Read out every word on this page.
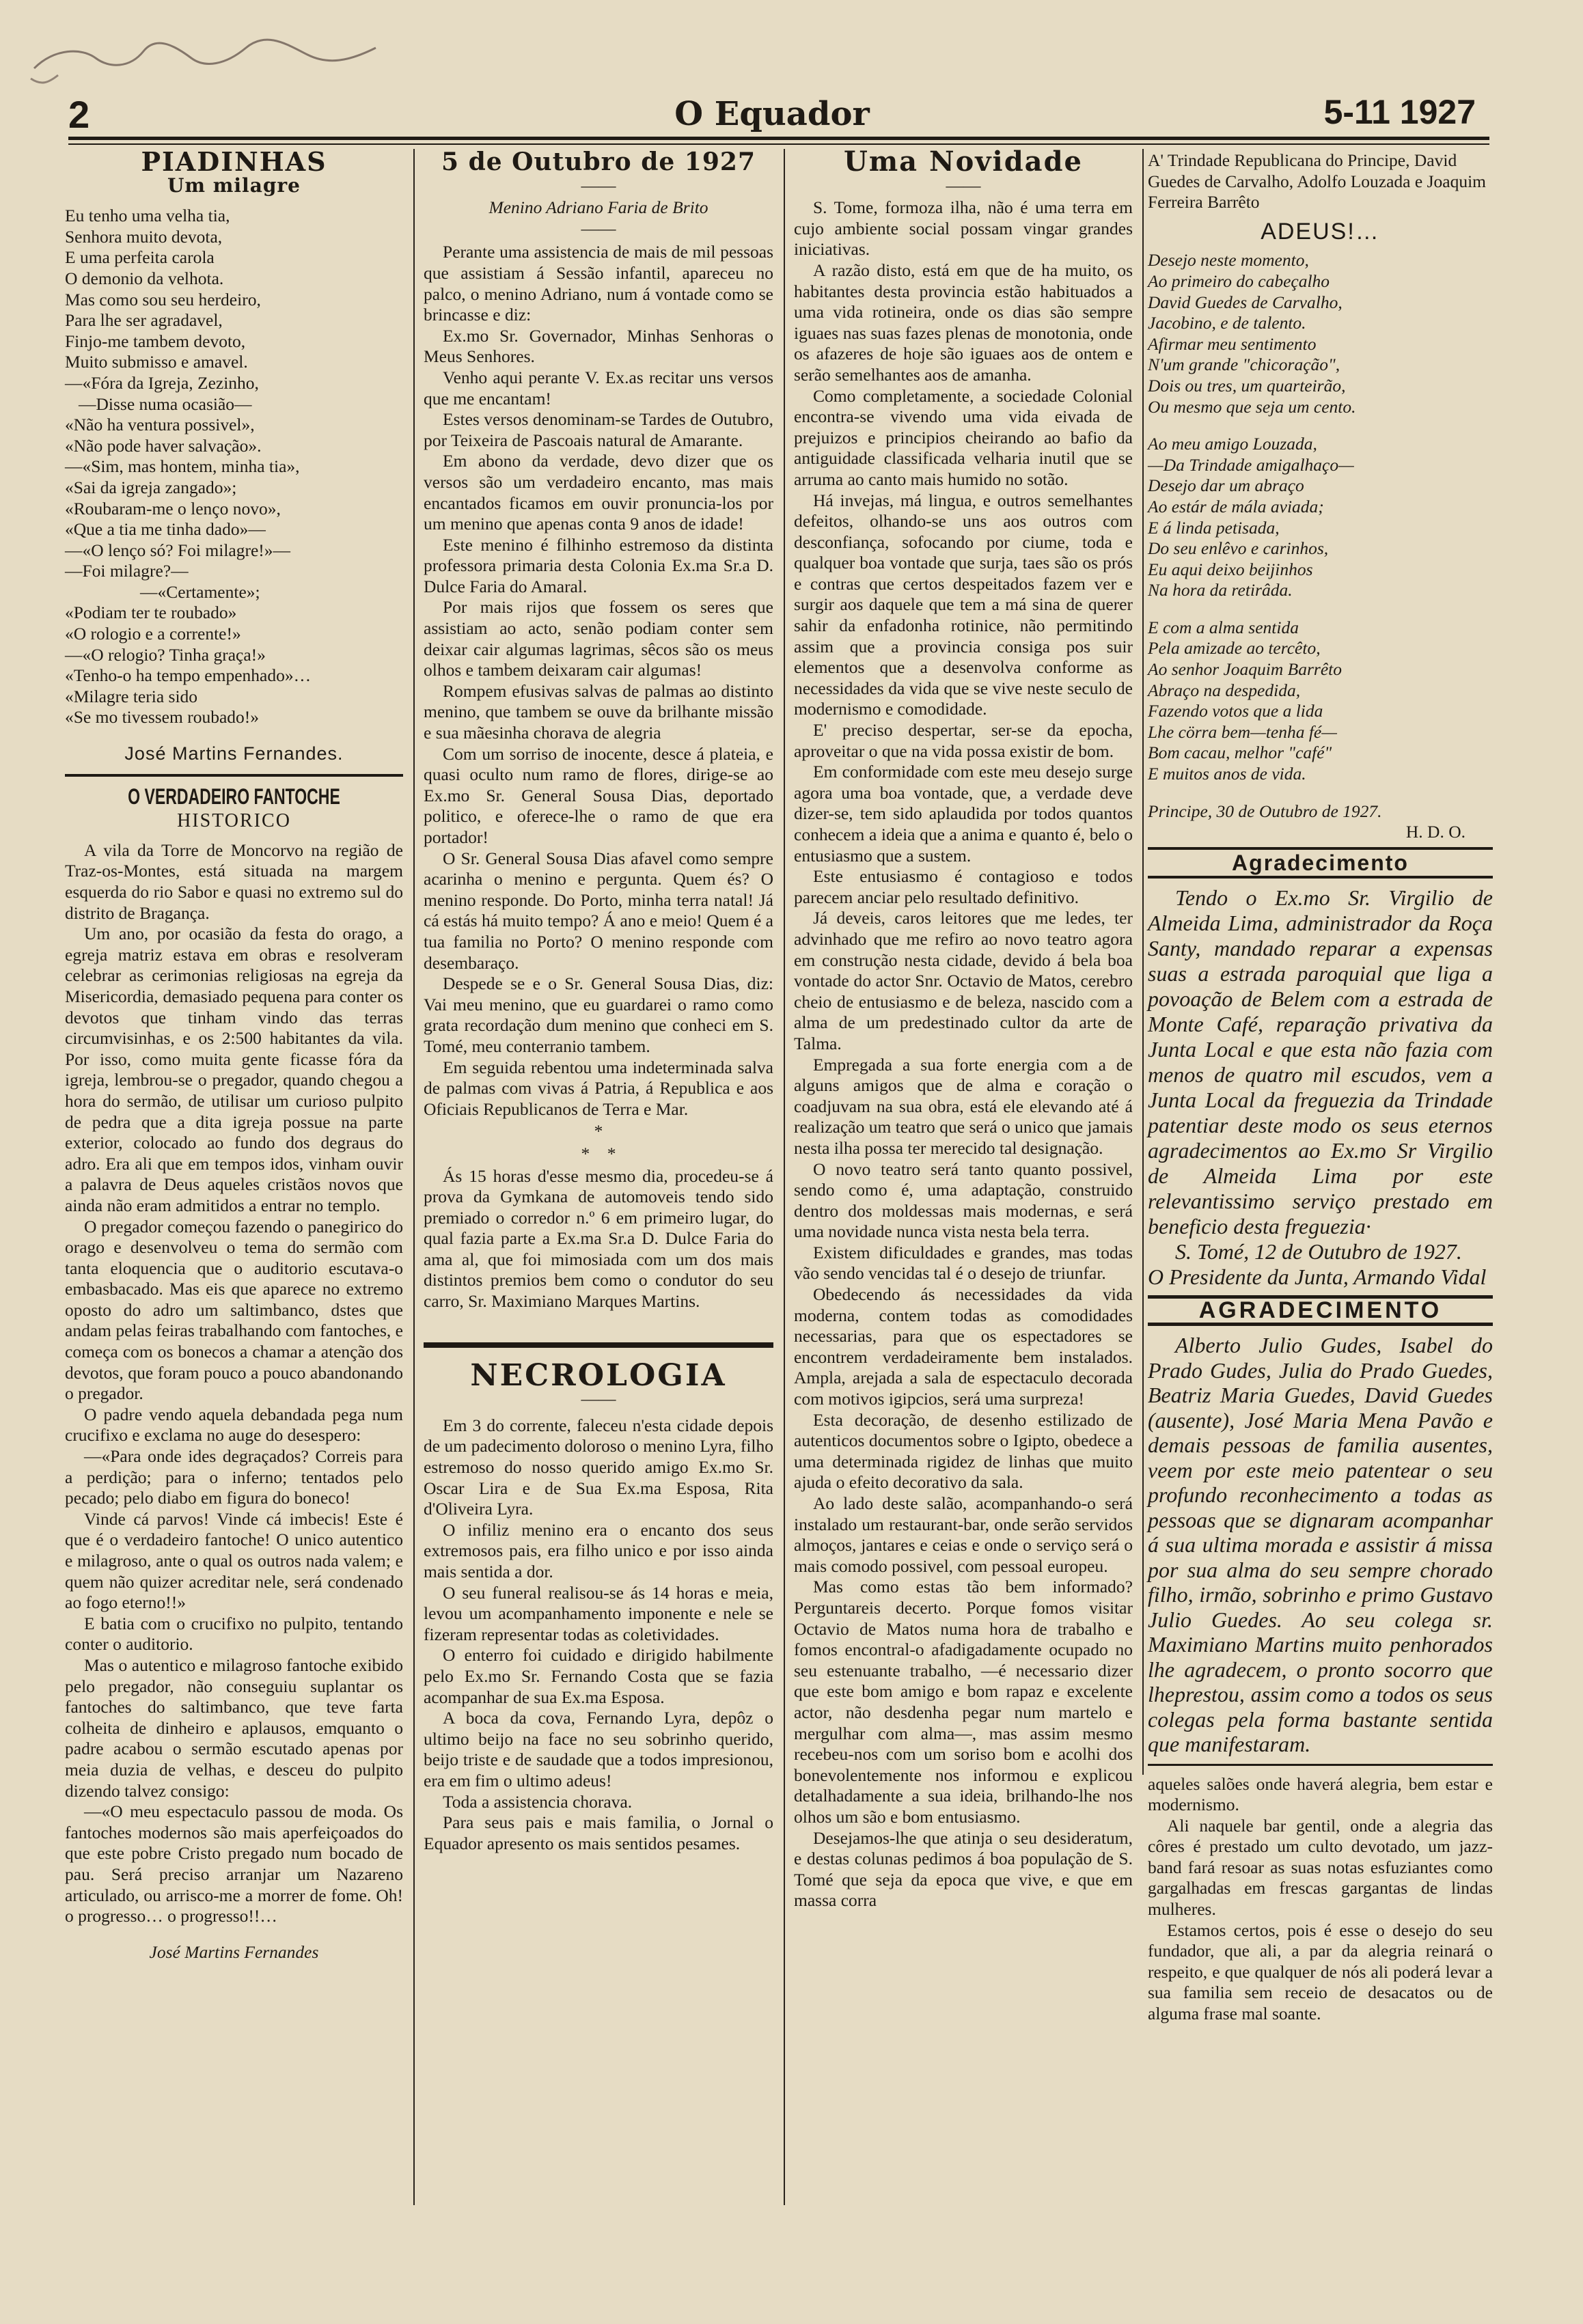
2	O Equador	5-11 1927
PIADINHAS
Um milagre

Eu tenho uma velha tia,

Senhora muito devota,

E uma perfeita carola

O demonio da velhota.

Mas como sou seu herdeiro,

Para lhe ser agradavel,

Finjo-me tambem devoto,

Muito submisso e amavel.

—«Fóra da Igreja, Zezinho,

—Disse numa ocasião—

«Não ha ventura possivel»,

«Não pode haver salvação».

—«Sim, mas hontem, minha tia»,

«Sai da igreja zangado»;

«Roubaram-me o lenço novo»,

«Que a tia me tinha dado»—

—«O lenço só? Foi milagre!»—

—Foi milagre?—

—«Certamente»;

«Podiam ter te roubado»

«O rologio e a corrente!»

—«O relogio? Tinha graça!»

«Tenho-o ha tempo empenhado»…

«Milagre teria sido

«Se mo tivessem roubado!»

José Martins Fernandes.
O VERDADEIRO FANTOCHE
HISTORICO

A vila da Torre de Moncorvo na região de Traz-os-Montes, está situada na margem esquerda do rio Sabor e quasi no extremo sul do distrito de Bragança.

Um ano, por ocasião da festa do orago, a egreja matriz estava em obras e resolveram celebrar as cerimonias religiosas na egreja da Misericordia, demasiado pequena para conter os devotos que tinham vindo das terras circumvisinhas, e os 2:500 habitantes da vila. Por isso, como muita gente ficasse fóra da igreja, lembrou-se o pregador, quando chegou a hora do sermão, de utilisar um curioso pulpito de pedra que a dita igreja possue na parte exterior, colocado ao fundo dos degraus do adro. Era ali que em tempos idos, vinham ouvir a palavra de Deus aqueles cristãos novos que ainda não eram admitidos a entrar no templo.

O pregador começou fazendo o panegirico do orago e desenvolveu o tema do sermão com tanta eloquencia que o auditorio escutava-o embasbacado. Mas eis que aparece no extremo oposto do adro um saltimbanco, dstes que andam pelas feiras trabalhando com fantoches, e começa com os bonecos a chamar a atenção dos devotos, que foram pouco a pouco abandonando o pregador.

O padre vendo aquela debandada pega num crucifixo e exclama no auge do desespero:

—«Para onde ides degraçados? Correis para a perdição; para o inferno; tentados pelo pecado; pelo diabo em figura do boneco!

Vinde cá parvos! Vinde cá imbecis! Este é que é o verdadeiro fantoche! O unico autentico e milagroso, ante o qual os outros nada valem; e quem não quizer acreditar nele, será condenado ao fogo eterno!!»

E batia com o crucifixo no pulpito, tentando conter o auditorio.

Mas o autentico e milagroso fantoche exibido pelo pregador, não conseguiu suplantar os fantoches do saltimbanco, que teve farta colheita de dinheiro e aplausos, emquanto o padre acabou o sermão escutado apenas por meia duzia de velhas, e desceu do pulpito dizendo talvez consigo:

—«O meu espectaculo passou de moda. Os fantoches modernos são mais aperfeiçoados do que este pobre Cristo pregado num bocado de pau. Será preciso arranjar um Nazareno articulado, ou arrisco-me a morrer de fome. Oh! o progresso… o progresso!!…

José Martins Fernandes
5 de Outubro de 1927
——
Menino Adriano Faria de Brito
——

Perante uma assistencia de mais de mil pessoas que assistiam á Sessão infantil, apareceu no palco, o menino Adriano, num á vontade como se brincasse e diz:

Ex.mo Sr. Governador, Minhas Senhoras o Meus Senhores.

Venho aqui perante V. Ex.as recitar uns versos que me encantam!

Estes versos denominam-se Tardes de Outubro, por Teixeira de Pascoais natural de Amarante.

Em abono da verdade, devo dizer que os versos são um verdadeiro encanto, mas mais encantados ficamos em ouvir pronuncia-los por um menino que apenas conta 9 anos de idade!

Este menino é filhinho estremoso da distinta professora primaria desta Colonia Ex.ma Sr.a D. Dulce Faria do Amaral.

Por mais rijos que fossem os seres que assistiam ao acto, senão podiam conter sem deixar cair algumas lagrimas, sêcos são os meus olhos e tambem deixaram cair algumas!

Rompem efusivas salvas de palmas ao distinto menino, que tambem se ouve da brilhante missão e sua mãesinha chorava de alegria

Com um sorriso de inocente, desce á plateia, e quasi oculto num ramo de flores, dirige-se ao Ex.mo Sr. General Sousa Dias, deportado politico, e oferece-lhe o ramo de que era portador!

O Sr. General Sousa Dias afavel como sempre acarinha o menino e pergunta. Quem és? O menino responde. Do Porto, minha terra natal! Já cá estás há muito tempo? Á ano e meio! Quem é a tua familia no Porto? O menino responde com desembaraço.

Despede se e o Sr. General Sousa Dias, diz: Vai meu menino, que eu guardarei o ramo como grata recordação dum menino que conheci em S. Tomé, meu conterranio tambem.

Em seguida rebentou uma indeterminada salva de palmas com vivas á Patria, á Republica e aos Oficiais Republicanos de Terra e Mar.

*
*    *

Ás 15 horas d'esse mesmo dia, procedeu-se á prova da Gymkana de automoveis tendo sido premiado o corredor n.º 6 em primeiro lugar, do qual fazia parte a Ex.ma Sr.a D. Dulce Faria do ama al, que foi mimosiada com um dos mais distintos premios bem como o condutor do seu carro, Sr. Maximiano Marques Martins.

NECROLOGIA
——

Em 3 do corrente, faleceu n'esta cidade depois de um padecimento doloroso o menino Lyra, filho estremoso do nosso querido amigo Ex.mo Sr. Oscar Lira e de Sua Ex.ma Esposa, Rita d'Oliveira Lyra.

O infiliz menino era o encanto dos seus extremosos pais, era filho unico e por isso ainda mais sentida a dor.

O seu funeral realisou-se ás 14 horas e meia, levou um acompanhamento imponente e nele se fizeram representar todas as coletividades.

O enterro foi cuidado e dirigido habilmente pelo Ex.mo Sr. Fernando Costa que se fazia acompanhar de sua Ex.ma Esposa.

A boca da cova, Fernando Lyra, depôz o ultimo beijo na face no seu sobrinho querido, beijo triste e de saudade que a todos impresionou, era em fim o ultimo adeus!

Toda a assistencia chorava.

Para seus pais e mais familia, o Jornal o Equador apresento os mais sentidos pesames.

Uma Novidade
——

S. Tome, formoza ilha, não é uma terra em cujo ambiente social possam vingar grandes iniciativas.

A razão disto, está em que de ha muito, os habitantes desta provincia estão habituados a uma vida rotineira, onde os dias são sempre iguaes nas suas fazes plenas de monotonia, onde os afazeres de hoje são iguaes aos de ontem e serão semelhantes aos de amanha.

Como completamente, a sociedade Colonial encontra-se vivendo uma vida eivada de prejuizos e principios cheirando ao bafio da antiguidade classificada velharia inutil que se arruma ao canto mais humido no sotão.

Há invejas, má lingua, e outros semelhantes defeitos, olhando-se uns aos outros com desconfiança, sofocando por ciume, toda e qualquer boa vontade que surja, taes são os prós e contras que certos despeitados fazem ver e surgir aos daquele que tem a má sina de querer sahir da enfadonha rotinice, não permitindo assim que a provincia consiga pos suir elementos que a desenvolva conforme as necessidades da vida que se vive neste seculo de modernismo e comodidade.

E' preciso despertar, ser-se da epocha, aproveitar o que na vida possa existir de bom.

Em conformidade com este meu desejo surge agora uma boa vontade, que, a verdade deve dizer-se, tem sido aplaudida por todos quantos conhecem a ideia que a anima e quanto é, belo o entusiasmo que a sustem.

Este entusiasmo é contagioso e todos parecem anciar pelo resultado definitivo.

Já deveis, caros leitores que me ledes, ter advinhado que me refiro ao novo teatro agora em construção nesta cidade, devido á bela boa vontade do actor Snr. Octavio de Matos, cerebro cheio de entusiasmo e de beleza, nascido com a alma de um predestinado cultor da arte de Talma.

Empregada a sua forte energia com a de alguns amigos que de alma e coração o coadjuvam na sua obra, está ele elevando até á realização um teatro que será o unico que jamais nesta ilha possa ter merecido tal designação.

O novo teatro será tanto quanto possivel, sendo como é, uma adaptação, construido dentro dos moldessas mais modernas, e será uma novidade nunca vista nesta bela terra.

Existem dificuldades e grandes, mas todas vão sendo vencidas tal é o desejo de triunfar.

Obedecendo ás necessidades da vida moderna, contem todas as comodidades necessarias, para que os espectadores se encontrem verdadeiramente bem instalados. Ampla, arejada a sala de espectaculo decorada com motivos igipcios, será uma surpreza!

Esta decoração, de desenho estilizado de autenticos documentos sobre o Igipto, obedece a uma determinada rigidez de linhas que muito ajuda o efeito decorativo da sala.

Ao lado deste salão, acompanhando-o será instalado um restaurant-bar, onde serão servidos almoços, jantares e ceias e onde o serviço será o mais comodo possivel, com pessoal europeu.

Mas como estas tão bem informado? Perguntareis decerto. Porque fomos visitar Octavio de Matos numa hora de trabalho e fomos encontral-o afadigadamente ocupado no seu estenuante trabalho, —é necessario dizer que este bom amigo e bom rapaz e excelente actor, não desdenha pegar num martelo e mergulhar com alma—, mas assim mesmo recebeu-nos com um soriso bom e acolhi dos bonevolentemente nos informou e explicou detalhadamente a sua ideia, brilhando-lhe nos olhos um são e bom entusiasmo.

Desejamos-lhe que atinja o seu desideratum, e destas colunas pedimos á boa população de S. Tomé que seja da epoca que vive, e que em massa corra

A' Trindade Republicana do Principe, David Guedes de Carvalho, Adolfo Louzada e Joaquim Ferreira Barrêto

ADEUS!…

Desejo neste momento,

Ao primeiro do cabeçalho

David Guedes de Carvalho,

Jacobino, e de talento.

Afirmar meu sentimento

N'um grande "chicoração",

Dois ou tres, um quarteirão,

Ou mesmo que seja um cento.

Ao meu amigo Louzada,

—Da Trindade amigalhaço—

Desejo dar um abraço

Ao estár de mála aviada;

E á linda petisada,

Do seu enlêvo e carinhos,

Eu aqui deixo beijinhos

Na hora da retirâda.

E com a alma sentida

Pela amizade ao tercêto,

Ao senhor Joaquim Barrêto

Abraço na despedida,

Fazendo votos que a lida

Lhe cörra bem—tenha fé—

Bom cacau, melhor "café"

E muitos anos de vida.

Principe, 30 de Outubro de 1927.
H. D. O.
Agradecimento

Tendo o Ex.mo Sr. Virgilio de Almeida Lima, administrador da Roça Santy, mandado reparar a expensas suas a estrada paroquial que liga a povoação de Belem com a estrada de Monte Café, reparação privativa da Junta Local e que esta não fazia com menos de quatro mil escudos, vem a Junta Local da freguezia da Trindade patentiar deste modo os seus eternos agradecimentos ao Ex.mo Sr Virgilio de Almeida Lima por este relevantissimo serviço prestado em beneficio desta freguezia·

S. Tomé, 12 de Outubro de 1927.

O Presidente da Junta, Armando Vidal

AGRADECIMENTO

Alberto Julio Gudes, Isabel do Prado Gudes, Julia do Prado Guedes, Beatriz Maria Guedes, David Guedes (ausente), José Maria Mena Pavão e demais pessoas de familia ausentes, veem por este meio patentear o seu profundo reconhecimento a todas as pessoas que se dignaram acompanhar á sua ultima morada e assistir á missa por sua alma do seu sempre chorado filho, irmão, sobrinho e primo Gustavo Julio Guedes. Ao seu colega sr. Maximiano Martins muito penhorados lhe agradecem, o pronto socorro que lheprestou, assim como a todos os seus colegas pela forma bastante sentida que manifestaram.

aqueles salões onde haverá alegria, bem estar e modernismo.

Ali naquele bar gentil, onde a alegria das côres é prestado um culto devotado, um jazz-band fará resoar as suas notas esfuziantes como gargalhadas em frescas gargantas de lindas mulheres.

Estamos certos, pois é esse o desejo do seu fundador, que ali, a par da alegria reinará o respeito, e que qualquer de nós ali poderá levar a sua familia sem receio de desacatos ou de alguma frase mal soante.
